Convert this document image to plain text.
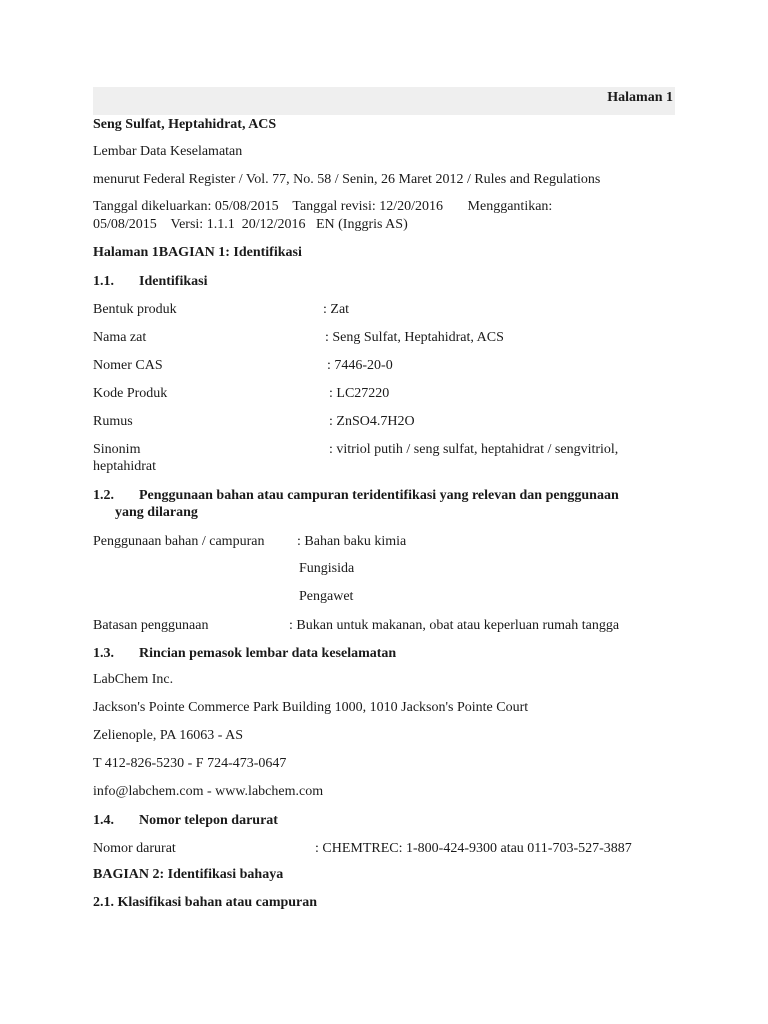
Halaman 1
Seng Sulfat, Heptahidrat, ACS
Lembar Data Keselamatan
menurut Federal Register / Vol. 77, No. 58 / Senin, 26 Maret 2012 / Rules and Regulations
Tanggal dikeluarkan: 05/08/2015    Tanggal revisi: 12/20/2016       Menggantikan:
05/08/2015    Versi: 1.1.1  20/12/2016   EN (Inggris AS)
Halaman 1BAGIAN 1: Identifikasi
1.1.	Identifikasi
Bentuk produk	: Zat
Nama zat	: Seng Sulfat, Heptahidrat, ACS
Nomer CAS	: 7446-20-0
Kode Produk	: LC27220
Rumus	: ZnSO4.7H2O
Sinonim	: vitriol putih / seng sulfat, heptahidrat / sengvitriol,
heptahidrat
1.2.	Penggunaan bahan atau campuran teridentifikasi yang relevan dan penggunaan
yang dilarang
Penggunaan bahan / campuran : Bahan baku kimia
Fungisida
Pengawet
Batasan penggunaan	: Bukan untuk makanan, obat atau keperluan rumah tangga
1.3.	Rincian pemasok lembar data keselamatan
LabChem Inc.
Jackson's Pointe Commerce Park Building 1000, 1010 Jackson's Pointe Court
Zelienople, PA 16063 - AS
T 412-826-5230 - F 724-473-0647
info@labchem.com - www.labchem.com
1.4.	Nomor telepon darurat
Nomor darurat	: CHEMTREC: 1-800-424-9300 atau 011-703-527-3887
BAGIAN 2: Identifikasi bahaya
2.1. Klasifikasi bahan atau campuran
